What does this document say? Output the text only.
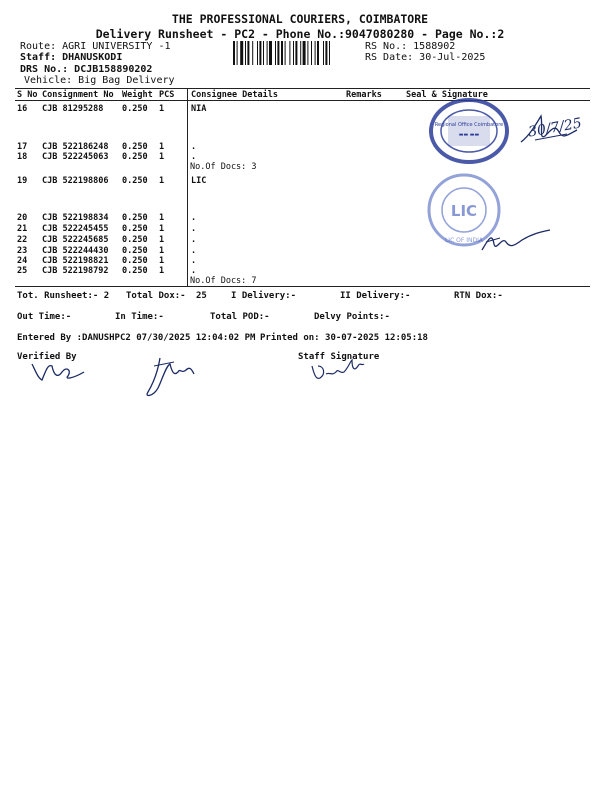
THE PROFESSIONAL COURIERS, COIMBATORE
Delivery Runsheet - PC2 - Phone No.:9047080280 - Page No.:2
Route: AGRI UNIVERSITY -1
Staff: DHANUSKODI
DRS No.: DCJB158890202
Vehicle: Big Bag Delivery
RS No.: 1588902
RS Date: 30-Jul-2025
S No Consignment No Weight PCS Consignee Details	Remarks	Seal & Signature
16 CJB 81295288 0.250 1	NIA
17 CJB 522186248 0.250 1	.
18 CJB 522245063 0.250 1	.
No.Of Docs: 3
19 CJB 522198806 0.250 1	LIC
20 CJB 522198834 0.250 1	.
21 CJB 522245455 0.250 1	.
22 CJB 522245685 0.250 1	.
23 CJB 522244430 0.250 1	.
24 CJB 522198821 0.250 1	.
25 CJB 522198792 0.250 1	.
No.Of Docs: 7
Regional Office Coimbatore
▬▬ ▬▬
LIC
LIC OF INDIA
30/7/25
Tot. Runsheet:- 2 Total Dox:- 25	I Delivery:-	II Delivery:-	RTN Dox:-
Out Time:-	In Time:-	Total POD:-	Delvy Points:-
Entered By :DANUSHPC2 07/30/2025 12:04:02 PM Printed on: 30-07-2025 12:05:18
Verified By	Staff Signature
